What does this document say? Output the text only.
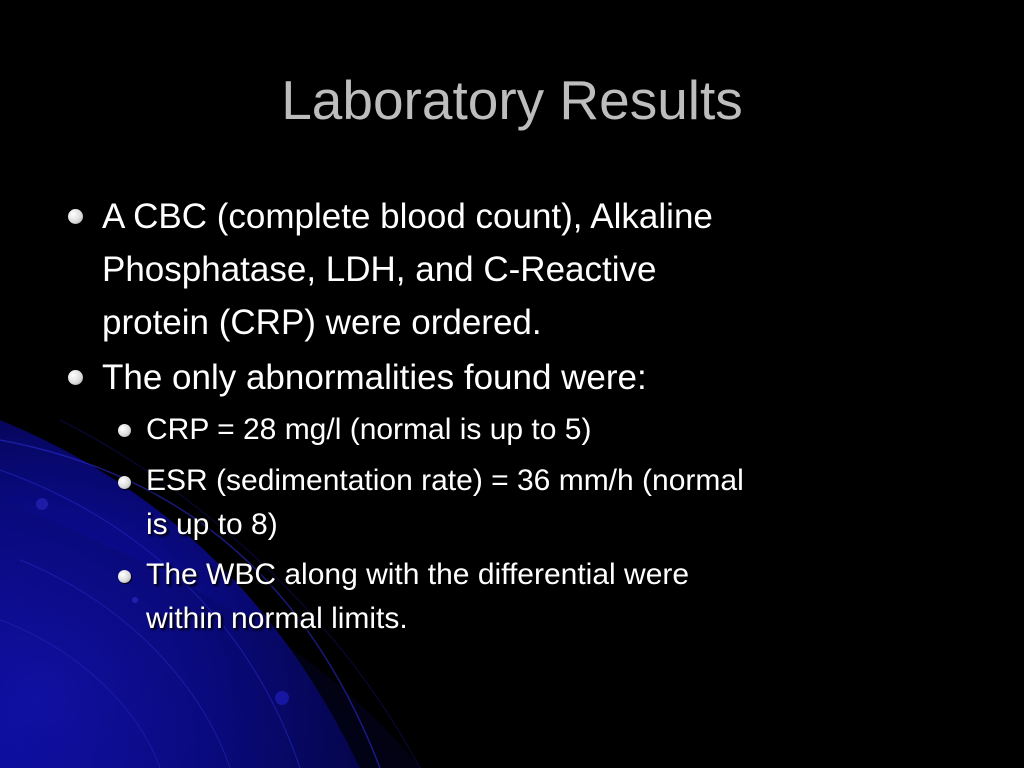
Laboratory Results
A CBC (complete blood count), Alkaline
Phosphatase, LDH, and C-Reactive
protein (CRP) were ordered.
The only abnormalities found were:
CRP = 28 mg/l (normal is up to 5)
ESR (sedimentation rate) = 36 mm/h (normal
is up to 8)
The WBC along with the differential were
within normal limits.
